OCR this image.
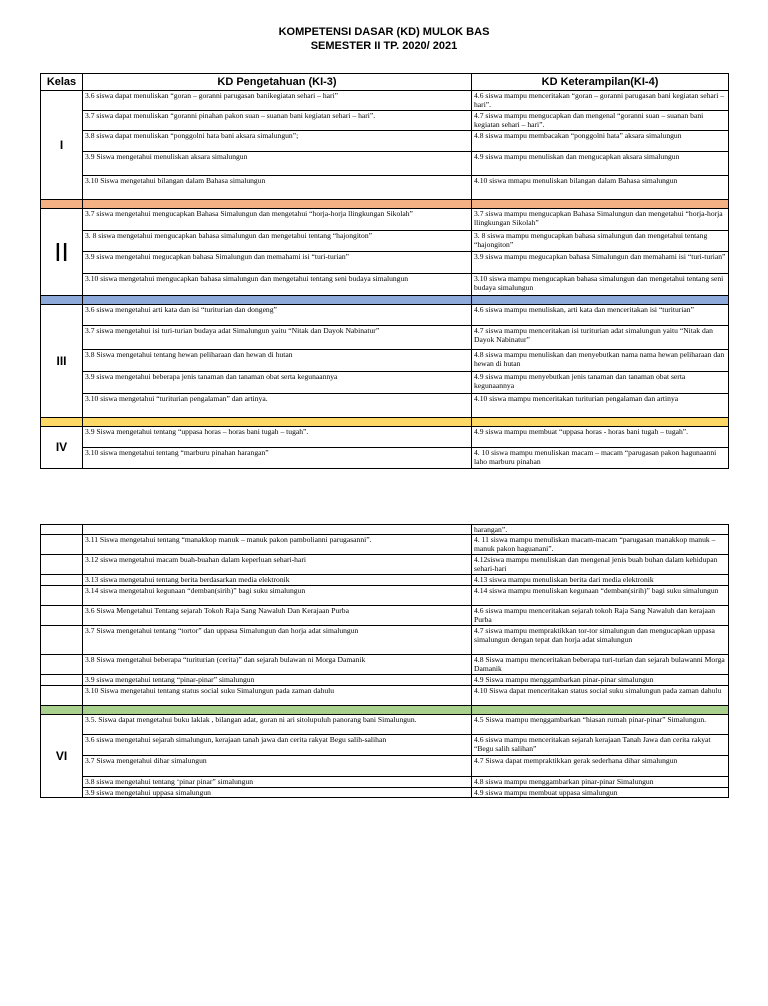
KOMPETENSI DASAR (KD) MULOK BAS
SEMESTER II TP. 2020/ 2021
Kelas	KD Pengetahuan (KI-3)	KD Keterampilan(KI-4)
I	3.6 siswa dapat menuliskan “goran – goranni parugasan banikegiatan sehari – hari”	4.6 siswa mampu menceritakan “goran – goranni parugasan bani kegiatan sehari – hari”.
	3.7 siswa dapat menuliskan “goranni pinahan pakon suan – suanan bani kegiatan sehari – hari”.	4.7 siswa mampu mengucapkan dan mengenal “goranni suan – suanan bani kegiatan sehari – hari”.
	3.8 siswa dapat menuliskan “ponggolni hata bani aksara simalungun”;	4.8 siswa mampu membacakan “ponggolni hata” aksara simalungun
	3.9 Siswa mengetahui menuliskan aksara simalungun	4.9 siswa mampu menuliskan dan mengucapkan aksara simalungun
	3.10 Siswa mengetahui bilangan dalam Bahasa simalungun	4.10 siswa mmapu menuliskan bilangan dalam Bahasa simalungun

II	3.7 siswa mengetahui mengucapkan Bahasa Simalungun dan mengetahui “horja-horja llingkungan Sikolah”	3.7 siswa mampu mengucapkan Bahasa Simalungun dan mengetahui “horja-horja llingkungan Sikolah”
	3. 8 siswa mengetahui mengucapkan bahasa simalungun dan mengetahui tentang “hajongiton”	3. 8 siswa mampu mengucapkan bahasa simalungun dan mengetahui tentang “hajongiton”
	3.9 siswa mengetahui megucapkan bahasa Simalungun dan memahami isi “turi-turian”	3.9 siswa mampu megucapkan bahasa Simalungun dan memahami isi “turi-turian”
	3.10 siswa mengetahui mengucapkan bahasa simalungun dan mengetahui tentang seni budaya simalungun	3.10 siswa mampu mengucapkan bahasa simalungun dan mengetahui tentang seni budaya simalungun

III	3.6 siswa mengetahui arti kata dan isi “turiturian dan dongeng”	4.6 siswa mampu menuliskan, arti kata dan menceritakan isi “turiturian”
	3.7 siswa mengetahui isi turi-turian budaya adat Simalungun yaitu “Nitak dan Dayok Nabinatur”	4.7 siswa mampu menceritakan isi turiturian adat simalungun yaitu “Nitak dan Dayok Nabinatur”
	3.8 Siswa mengetahui tentang hewan peliharaan dan hewan di hutan	4.8 siswa mampu menuliskan dan menyebutkan nama nama hewan peliharaan dan hewan di hutan
	3.9 siswa mengetahui beberapa jenis tanaman dan tanaman obat serta kegunaannya	4.9 siswa mampu menyebutkan jenis tanaman dan tanaman obat serta kegunaannya
	3.10 siswa mengetahui “turiturian pengalaman” dan artinya.	4.10 siswa mampu menceritakan turiturian pengalaman dan artinya

IV	3.9 Siswa mengetahui tentang “uppasa horas – horas bani tugah – tugah”.	4.9 siswa mampu membuat “uppasa horas - horas bani tugah – tugah”.
	3.10 siswa mengetahui tentang “marburu pinahan harangan”	4. 10 siswa mampu menuliskan macam – macam “parugasan pakon hagunaanni laho marburu pinahan
		harangan”.
	3.11 Siswa mengetahui tentang “manakkop manuk – manuk pakon pambolianni parugasanni”.	4. 11 siswa mampu menuliskan macam-macam “parugasan manakkop manuk – manuk pakon haguanani”.
	3.12 siswa mengetahui macam buah-buahan dalam keperluan sehari-hari	4.12siswa mampu menuliskan dan mengenal jenis buah buhan dalam kehidupan sehari-hari
	3.13 siswa mengetahui tentang berita berdasarkan media elektronik	4.13 siswa mampu menuliskan berita dari media elektronik
	3.14 siswa mengetahui kegunaan “demban(sirih)” bagi suku simalungun	4.14 siswa mampu menuliskan kegunaan “demban(sirih)” bagi suku simalungun
	3.6 Siswa Mengetahui Tentang sejarah Tokoh Raja Sang Nawaluh Dan Kerajaan Purba	4.6 siswa mampu menceritakan sejarah tokoh Raja Sang Nawaluh dan kerajaan Purba
	3.7 Siswa mengetahui tentang “tortor” dan uppasa Simalungun dan horja adat simalungun	4.7 siswa mampu mempraktikkan tor-tor simalungun dan mengucapkan uppasa simalungun dengan tepat dan horja adat simalungun
	3.8 Siswa mengetahui beberapa “turiturian (cerita)” dan sejarah bulawan ni Morga Damanik	4.8 Siswa mampu menceritakan beberapa turi-turian dan sejarah bulawanni Morga Damanik
	3.9 siswa mengetahui tentang “pinar-pinar” simalungun	4.9 Siswa mampu menggambarkan pinar-pinar simalungun
	3.10 Siswa mengetahui tentang status social suku Simalungun pada zaman dahulu	4.10 Siswa dapat menceritakan status social suku simalungun pada zaman dahulu

VI	3.5. Siswa dapat mengetahui buku laklak , bilangan adat, goran ni ari sitolupuluh panorang bani Simalungun.	4.5 Siswa mampu menggambarkan “hiasan rumah pinar-pinar” Simalungun.
	3.6 siswa mengetahui sejarah simalungun, kerajaan tanah jawa dan cerita rakyat Begu salih-salihan	4.6 siswa mampu menceritakan sejarah kerajaan Tanah Jawa dan cerita rakyat “Begu salih salihan”
	3.7 Siswa mengetahui dihar simalungun	4.7 Siswa dapat mempraktikkan gerak sederhana dihar simalungun
	3.8 siswa mengetahui tentang ‘pinar pinar” simalungun	4.8 siswa mampu menggambarkan pinar-pinar Simalungun
	3.9 siswa mengetahui uppasa simalungun	4.9 siswa mampu membuat uppasa simalungun
